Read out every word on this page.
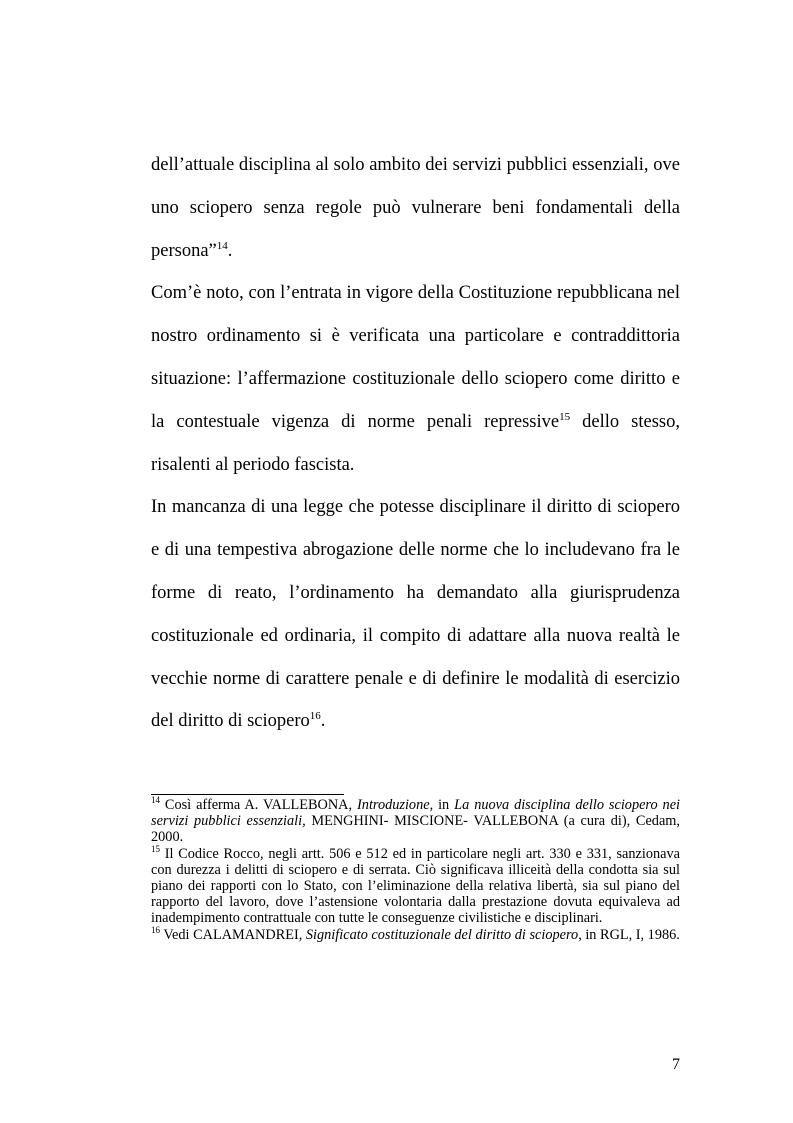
dell’attuale disciplina al solo ambito dei servizi pubblici essenziali, ove uno sciopero senza regole può vulnerare beni fondamentali della persona”$^{14}$.

Com’è noto, con l’entrata in vigore della Costituzione repubblicana nel nostro ordinamento si è verificata una particolare e contraddittoria situazione: l’affermazione costituzionale dello sciopero come diritto e la contestuale vigenza di norme penali repressive$^{15}$ dello stesso, risalenti al periodo fascista.

In mancanza di una legge che potesse disciplinare il diritto di sciopero e di una tempestiva abrogazione delle norme che lo includevano fra le forme di reato, l’ordinamento ha demandato alla giurisprudenza costituzionale ed ordinaria, il compito di adattare alla nuova realtà le vecchie norme di carattere penale e di definire le modalità di esercizio del diritto di sciopero$^{16}$.

$^{14}$ Così afferma A. VALLEBONA, Introduzione, in La nuova disciplina dello sciopero nei servizi pubblici essenziali, MENGHINI- MISCIONE- VALLEBONA (a cura di), Cedam, 2000.

$^{15}$ Il Codice Rocco, negli artt. 506 e 512 ed in particolare negli art. 330 e 331, sanzionava con durezza i delitti di sciopero e di serrata. Ciò significava illiceità della condotta sia sul piano dei rapporti con lo Stato, con l’eliminazione della relativa libertà, sia sul piano del rapporto del lavoro, dove l’astensione volontaria dalla prestazione dovuta equivaleva ad inadempimento contrattuale con tutte le conseguenze civilistiche e disciplinari.

$^{16}$ Vedi CALAMANDREI, Significato costituzionale del diritto di sciopero, in RGL, I, 1986.

7
